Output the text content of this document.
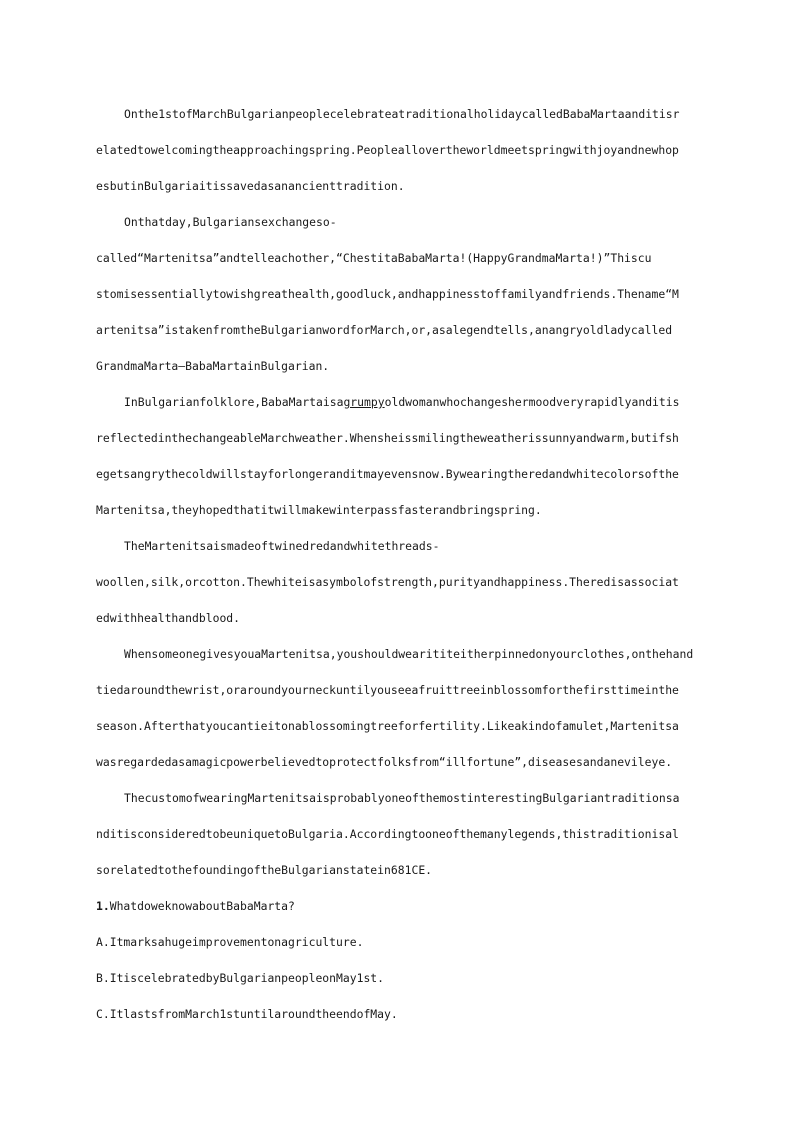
Onthe1stofMarchBulgarianpeoplecelebrateatraditionalholidaycalledBabaMartaanditisr
elatedtowelcomingtheapproachingspring.Peopleallovertheworldmeetspringwithjoyandnewhop
esbutinBulgariaitissavedasanancienttradition.
Onthatday,Bulgariansexchangeso-
called“Martenitsa”andtelleachother,“ChestitaBabaMarta!(HappyGrandmaMarta!)”Thiscu
stomisessentiallytowishgreathealth,goodluck,andhappinesstoffamilyandfriends.Thename“M
artenitsa”istakenfromtheBulgarianwordforMarch,or,asalegendtells,anangryoldladycalled
GrandmaMarta—BabaMartainBulgarian.
InBulgarianfolklore,BabaMartaisagrumpyoldwomanwhochangeshermoodveryrapidlyanditis
reflectedinthechangeableMarchweather.Whensheissmilingtheweatherissunnyandwarm,butifsh
egetsangrythecoldwillstayforlongeranditmayevensnow.Bywearingtheredandwhitecolorsofthe
Martenitsa,theyhopedthatitwillmakewinterpassfasterandbringspring.
TheMartenitsaismadeoftwinedredandwhitethreads-
woollen,silk,orcotton.Thewhiteisasymbolofstrength,purityandhappiness.Theredisassociat
edwithhealthandblood.
WhensomeonegivesyouaMartenitsa,youshouldwearititeitherpinnedonyourclothes,onthehand
tiedaroundthewrist,oraroundyourneckuntilyouseeafruittreeinblossomforthefirsttimeinthe
season.Afterthatyoucantieitonablossomingtreeforfertility.Likeakindofamulet,Martenitsa
wasregardedasamagicpowerbelievedtoprotectfolksfrom“illfortune”,diseasesandanevileye.
ThecustomofwearingMartenitsaisprobablyoneofthemostinterestingBulgariantraditionsa
nditisconsideredtobeuniquetoBulgaria.Accordingtooneofthemanylegends,thistraditionisal
sorelatedtothefoundingoftheBulgarianstatein681CE.
1.WhatdoweknowaboutBabaMarta?
A.Itmarksahugeimprovementonagriculture.
B.ItiscelebratedbyBulgarianpeopleonMay1st.
C.ItlastsfromMarch1stuntilaroundtheendofMay.
